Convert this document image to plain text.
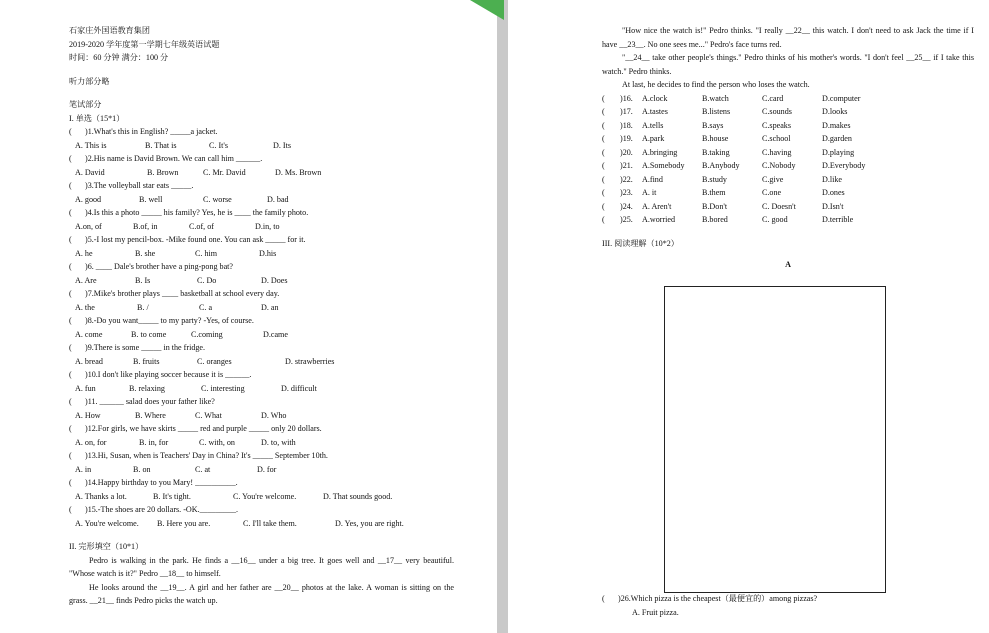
石家庄外国语教育集团
2019-2020 学年度第一学期七年级英语试题
时间：60 分钟 满分：100 分
听力部分略
笔试部分
I. 单选（15*1）
( )1.What's this in English? _____a jacket.
A. This is	B. That is	C. It's	D. Its
( )2.His name is David Brown. We can call him ______.
A. David	B. Brown	C. Mr. David	D. Ms. Brown
( )3.The volleyball star eats _____.
A. good	B. well	C. worse	D. bad
( )4.Is this a photo _____ his family? Yes, he is ____ the family photo.
A.on, of	B.of, in	C.of, of	D.in, to
( )5.-I lost my pencil-box. -Mike found one. You can ask _____ for it.
A. he	B. she	C. him	D.his
( )6. ____ Dale's brother have a ping-pong bat?
A. Are	B. Is	C. Do	D. Does
( )7.Mike's brother plays ____ basketball at school every day.
A. the	B. /	C. a	D. an
( )8.-Do you want_____ to my party? -Yes, of course.
A. come	B. to come	C.coming	D.came
( )9.There is some _____ in the fridge.
A. bread	B. fruits	C. oranges	D. strawberries
( )10.I don't like playing soccer because it is ______.
A. fun	B. relaxing	C. interesting	D. difficult
( )11. ______ salad does your father like?
A. How	B. Where	C. What	D. Who
( )12.For girls, we have skirts _____ red and purple _____ only 20 dollars.
A. on, for	B. in, for	C. with, on	D. to, with
( )13.Hi, Susan, when is Teachers' Day in China? It's _____ September 10th.
A. in	B. on	C. at	D. for
( )14.Happy birthday to you Mary! __________.
A. Thanks a lot.	B. It's tight.	C. You're welcome.	D. That sounds good.
( )15.-The shoes are 20 dollars. -OK._________.
A. You're welcome.	B. Here you are.	C. I'll take them.	D. Yes, you are right.
II. 完形填空（10*1）
Pedro is walking in the park. He finds a __16__ under a big tree. It goes well and __17__ very beautiful. "Whose watch is it?" Pedro __18__ to himself.
He looks around the __19__. A girl and her father are __20__ photos at the lake. A woman is sitting on the grass. __21__ finds Pedro picks the watch up.
"How nice the watch is!" Pedro thinks. "I really __22__ this watch. I don't need to ask Jack the time if I have __23__. No one sees me..." Pedro's face turns red.
"__24__ take other people's things." Pedro thinks of his mother's words. "I don't feel __25__ if I take this watch." Pedro thinks.
At last, he decides to find the person who loses the watch.
(	)16.	A.clock	B.watch	C.card	D.computer
(	)17.	A.tastes	B.listens	C.sounds	D.looks
(	)18.	A.tells	B.says	C.speaks	D.makes
(	)19.	A.park	B.house	C.school	D.garden
(	)20.	A.bringing	B.taking	C.having	D.playing
(	)21.	A.Somebody	B.Anybody	C.Nobody	D.Everybody
(	)22.	A.find	B.study	C.give	D.like
(	)23.	A. it	B.them	C.one	D.ones
(	)24.	A. Aren't	B.Don't	C. Doesn't	D.Isn't
(	)25.	A.worried	B.bored	C. good	D.terrible
III. 阅读理解（10*2）
A
( )26.Which pizza is the cheapest（最便宜的）among pizzas?
A. Fruit pizza.
